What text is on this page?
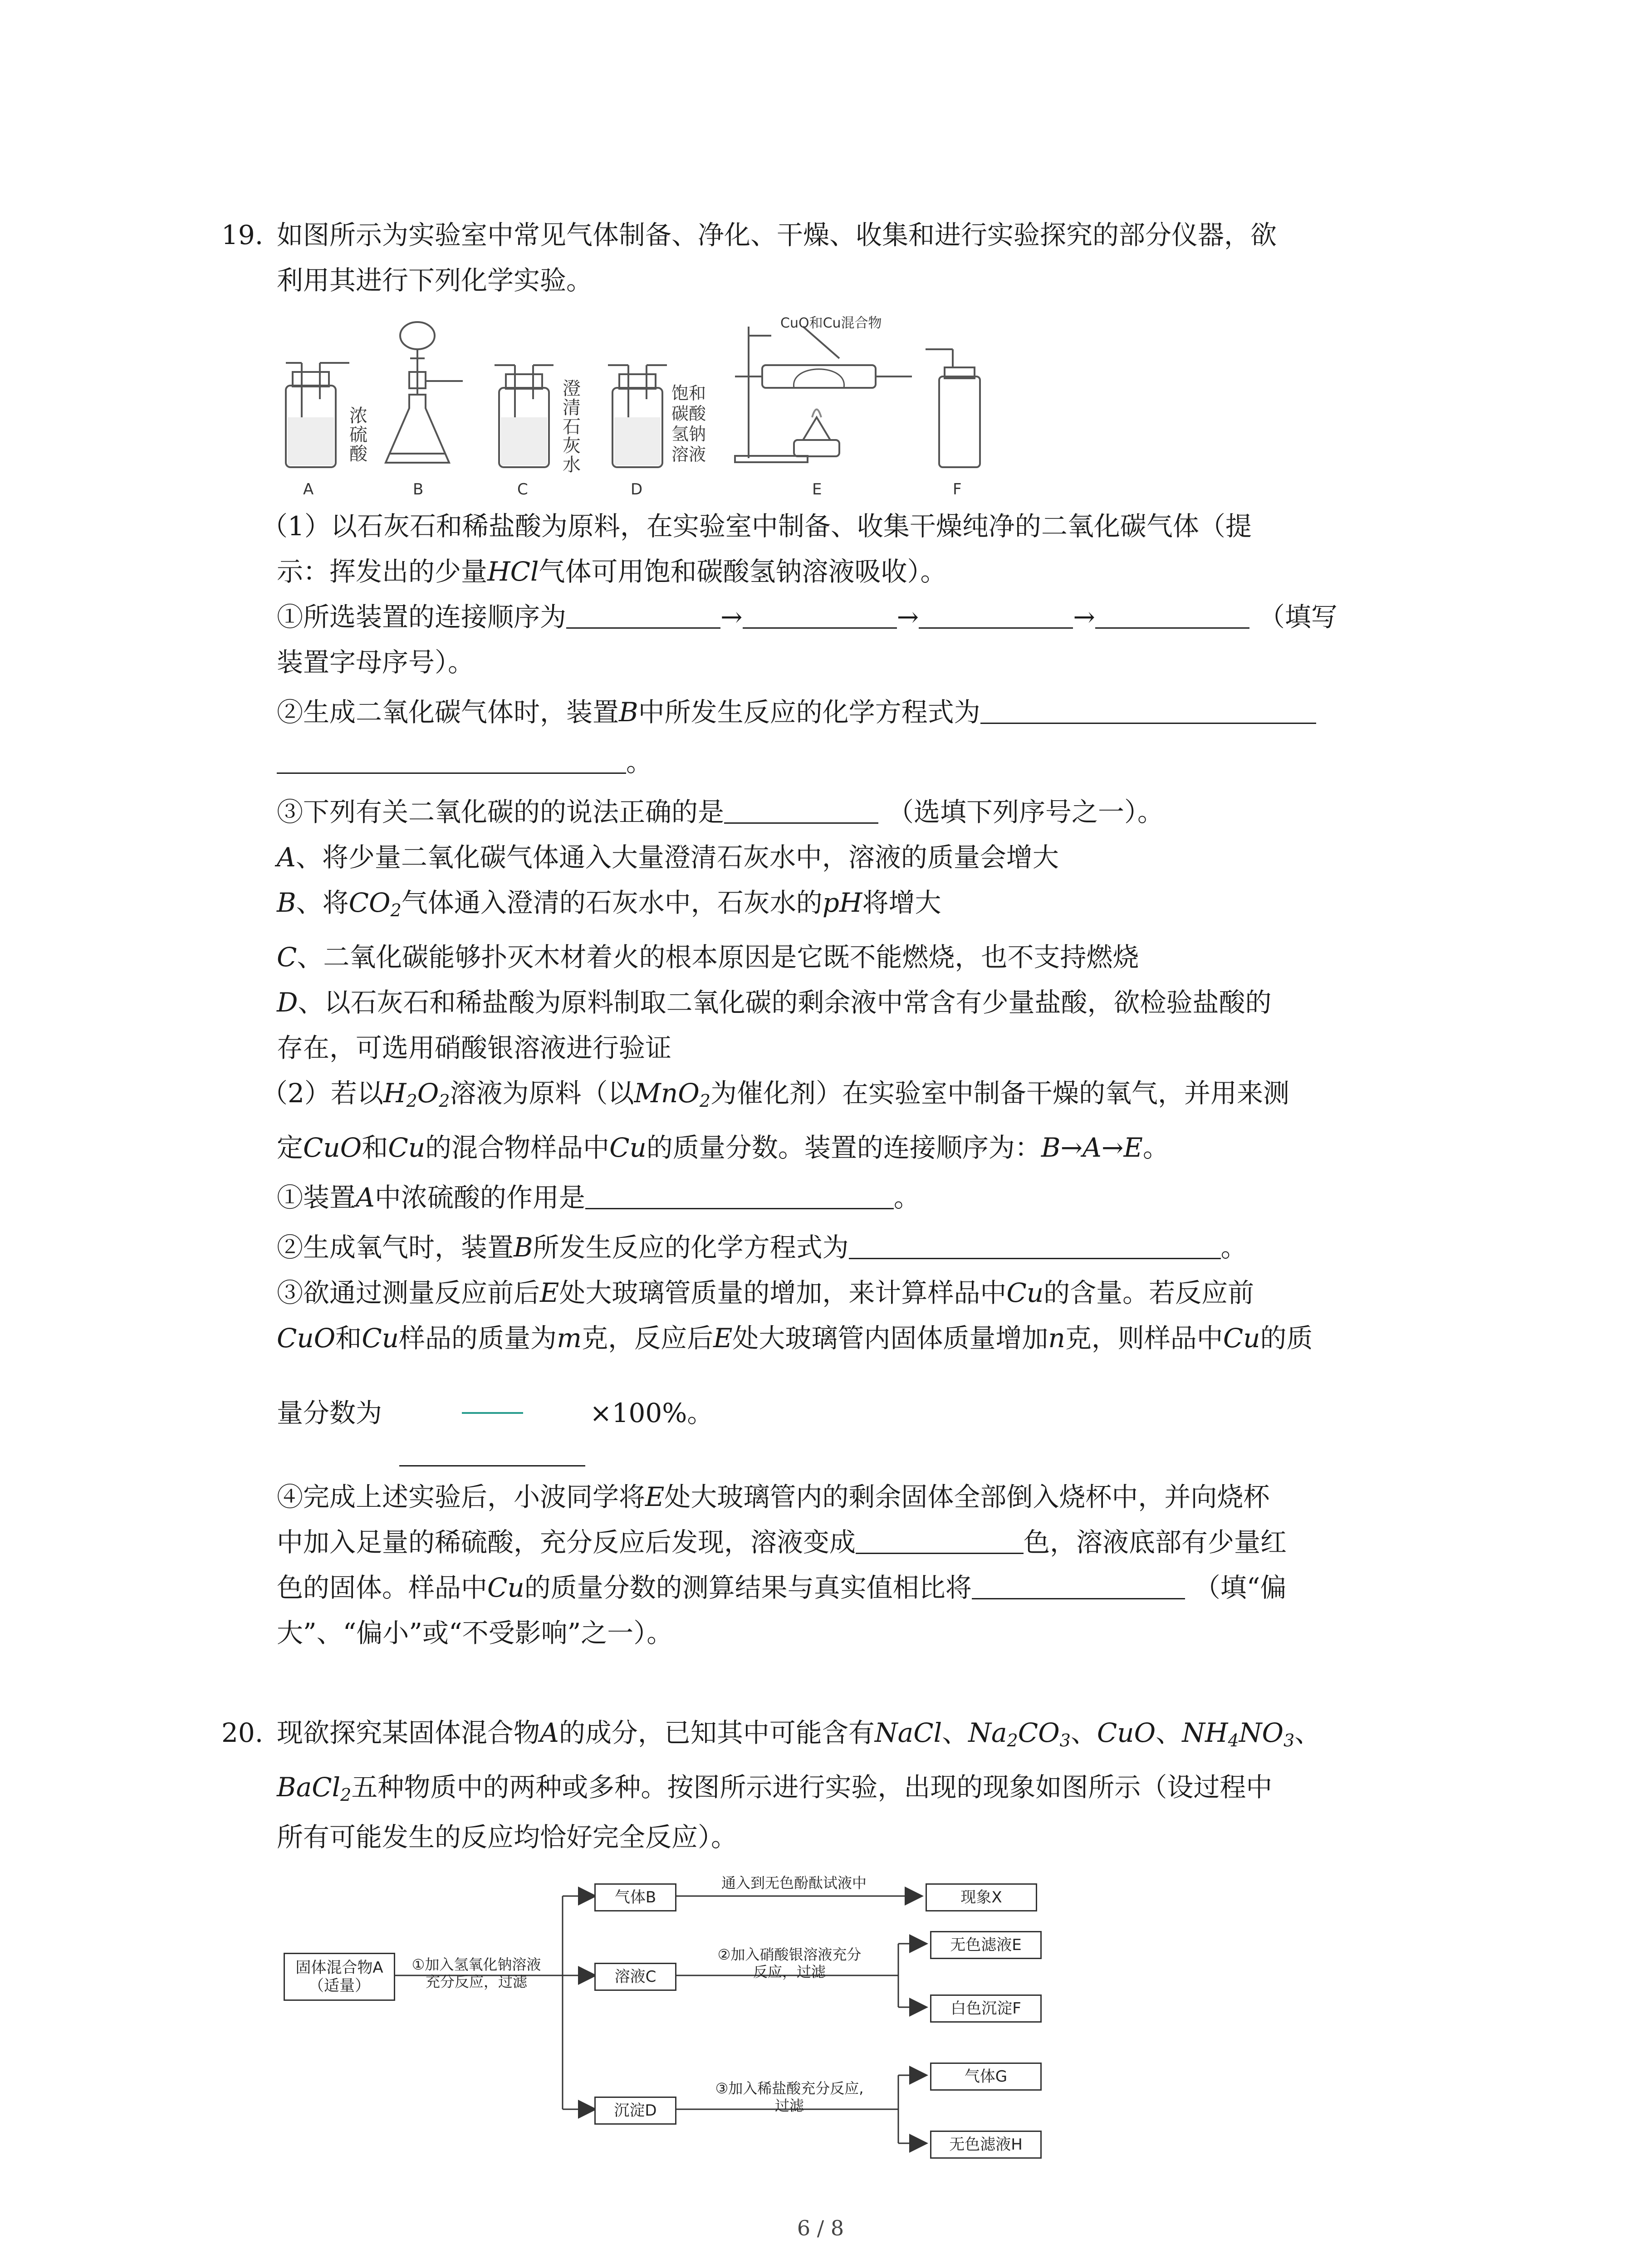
19. 如图所示为实验室中常见气体制备、净化、干燥、收集和进行实验探究的部分仪器，欲
利用其进行下列化学实验。
CuO和Cu混合物
浓
硫
酸
澄
清
石
灰
水
饱和
碳酸
氢钠
溶液
A	B	C	D	E	F
（1）以石灰石和稀盐酸为原料，在实验室中制备、收集干燥纯净的二氧化碳气体（提
示：挥发出的少量HCl气体可用饱和碳酸氢钠溶液吸收）。
①所选装置的连接顺序为	→	→	→	（填写
装置字母序号）。
②生成二氧化碳气体时，装置B中所发生反应的化学方程式为
。
③下列有关二氧化碳的的说法正确的是	（选填下列序号之一）。
A、将少量二氧化碳气体通入大量澄清石灰水中，溶液的质量会增大
B、将$CO_2$气体通入澄清的石灰水中，石灰水的pH将增大
C、二氧化碳能够扑灭木材着火的根本原因是它既不能燃烧，也不支持燃烧
D、以石灰石和稀盐酸为原料制取二氧化碳的剩余液中常含有少量盐酸，欲检验盐酸的
存在，可选用硝酸银溶液进行验证
（2）若以$H_2O_2$溶液为原料（以MnO$_2$为催化剂）在实验室中制备干燥的氧气，并用来测
定CuO和Cu的混合物样品中Cu的质量分数。装置的连接顺序为：B→A→E。
①装置A中浓硫酸的作用是	。
②生成氧气时，装置B所发生反应的化学方程式为	。
③欲通过测量反应前后E处大玻璃管质量的增加，来计算样品中Cu的含量。若反应前
CuO和Cu样品的质量为m克，反应后E处大玻璃管内固体质量增加n克，则样品中Cu的质
量分数为	×100%。
④完成上述实验后，小波同学将E处大玻璃管内的剩余固体全部倒入烧杯中，并向烧杯
中加入足量的稀硫酸，充分反应后发现，溶液变成	色，溶液底部有少量红
色的固体。样品中Cu的质量分数的测算结果与真实值相比将	（填“偏
大”、“偏小”或“不受影响”之一）。
20. 现欲探究某固体混合物A的成分，已知其中可能含有NaCl、$Na_2CO_3$、CuO、$NH_4NO_3$、
BaCl$_2$五种物质中的两种或多种。按图所示进行实验，出现的现象如图所示（设过程中
所有可能发生的反应均恰好完全反应）。
固体混合物A
（适量）
①加入氢氧化钠溶液
充分反应，过滤
气体B
溶液C
沉淀D
通入到无色酚酞试液中
现象X
②加入硝酸银溶液充分
反应，过滤
无色滤液E
白色沉淀F
③加入稀盐酸充分反应,
过滤
气体G
无色滤液H
6 / 8
